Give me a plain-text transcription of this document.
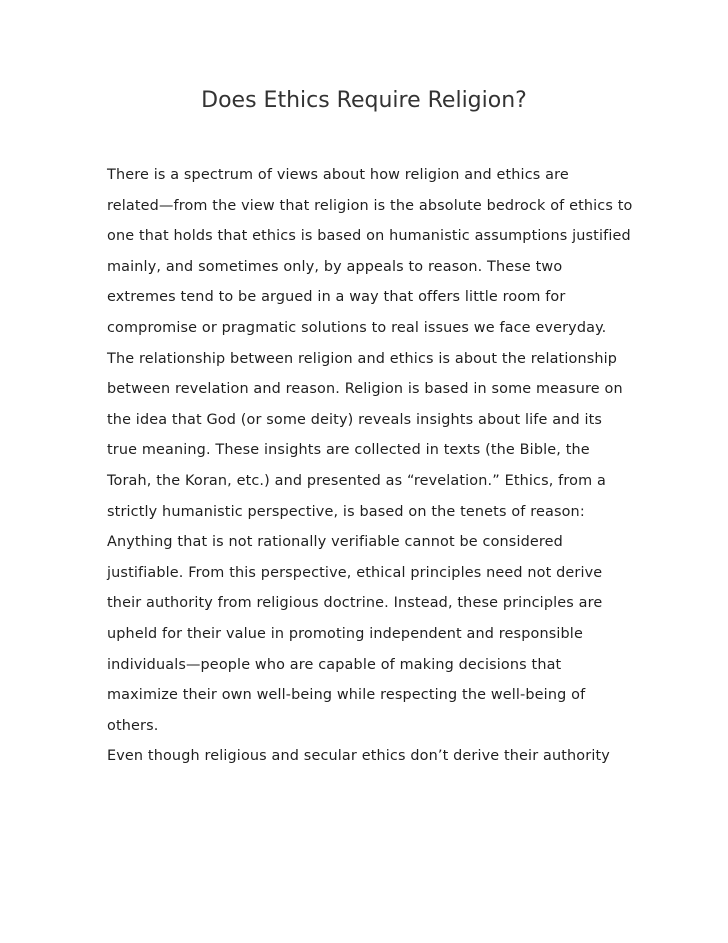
Does Ethics Require Religion?
There is a spectrum of views about how religion and ethics are
related—from the view that religion is the absolute bedrock of ethics to
one that holds that ethics is based on humanistic assumptions justified
mainly, and sometimes only, by appeals to reason. These two
extremes tend to be argued in a way that offers little room for
compromise or pragmatic solutions to real issues we face everyday.
The relationship between religion and ethics is about the relationship
between revelation and reason. Religion is based in some measure on
the idea that God (or some deity) reveals insights about life and its
true meaning. These insights are collected in texts (the Bible, the
Torah, the Koran, etc.) and presented as “revelation.” Ethics, from a
strictly humanistic perspective, is based on the tenets of reason:
Anything that is not rationally verifiable cannot be considered
justifiable. From this perspective, ethical principles need not derive
their authority from religious doctrine. Instead, these principles are
upheld for their value in promoting independent and responsible
individuals—people who are capable of making decisions that
maximize their own well-being while respecting the well-being of
others.
Even though religious and secular ethics don’t derive their authority
